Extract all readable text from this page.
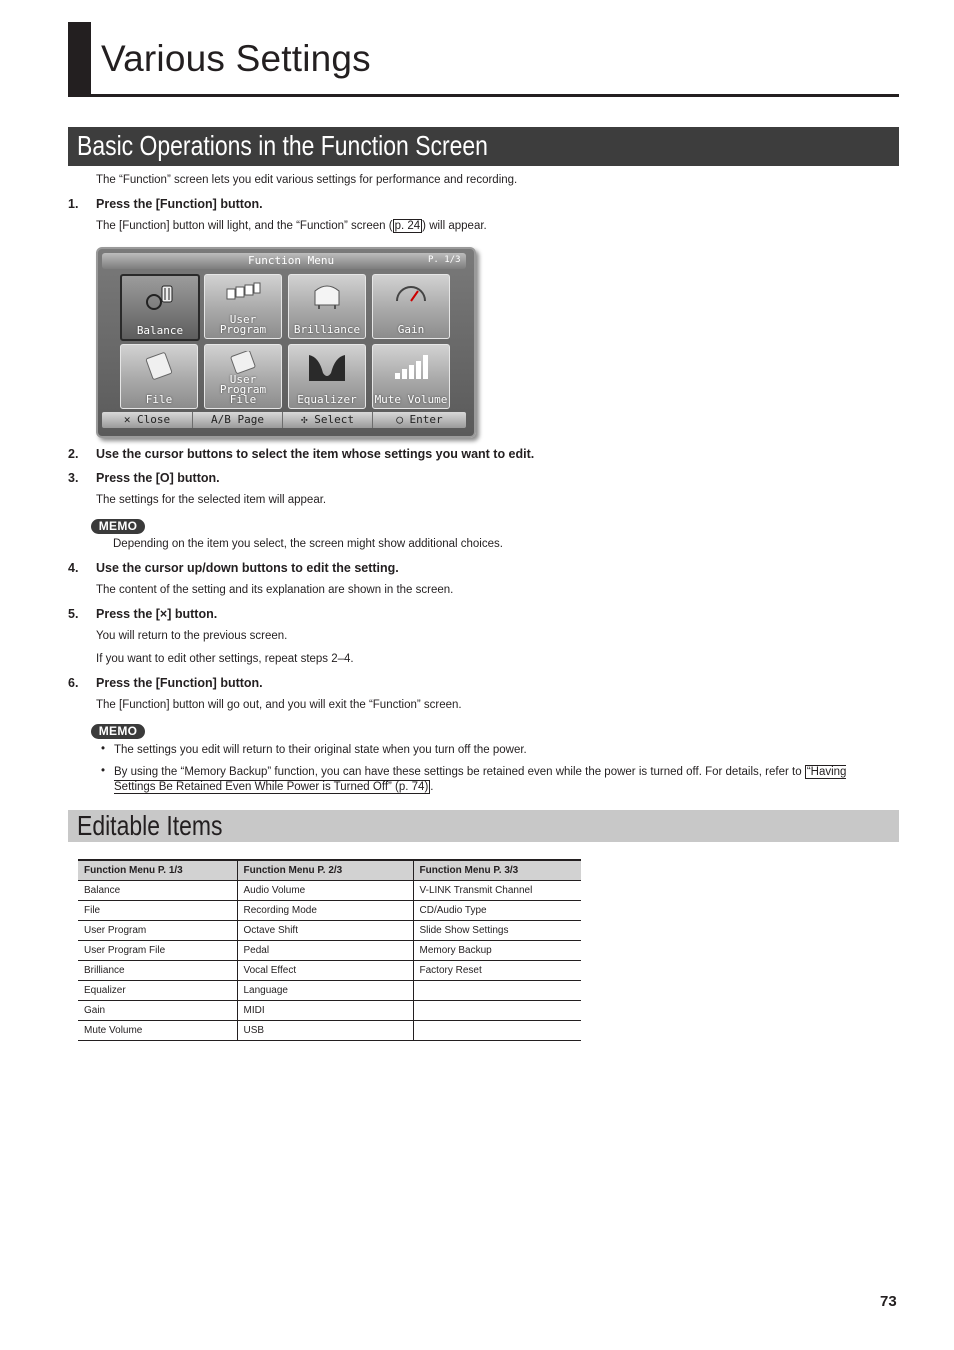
Various Settings
Basic Operations in the Function Screen
The “Function” screen lets you edit various settings for performance and recording.
1. Press the [Function] button.
The [Function] button will light, and the “Function” screen ( p. 24 ) will appear.
Function Menu	P. 1/3
Balance
User Program	Brilliance	Gain
File
User Program File	Equalizer	Mute Volume
✕ Close	A/B Page	✣ Select	◯ Enter
2. Use the cursor buttons to select the item whose settings you want to edit.
3. Press the [O] button.
The settings for the selected item will appear.
MEMO
Depending on the item you select, the screen might show additional choices.
4. Use the cursor up/down buttons to edit the setting.
The content of the setting and its explanation are shown in the screen.
5. Press the [×] button.
You will return to the previous screen.
If you want to edit other settings, repeat steps 2–4.
6. Press the [Function] button.
The [Function] button will go out, and you will exit the “Function” screen.
MEMO
• The settings you edit will return to their original state when you turn off the power.
• By using the “Memory Backup” function, you can have these settings be retained even while the power is turned off. For details, refer to “Having Settings Be Retained Even While Power is Turned Off” (p. 74) .
Editable Items
Function Menu P. 1/3	Function Menu P. 2/3	Function Menu P. 3/3
Balance	Audio Volume	V-LINK Transmit Channel
File	Recording Mode	CD/Audio Type
User Program	Octave Shift	Slide Show Settings
User Program File	Pedal	Memory Backup
Brilliance	Vocal Effect	Factory Reset
Equalizer	Language	
Gain	MIDI	
Mute Volume	USB	
73
